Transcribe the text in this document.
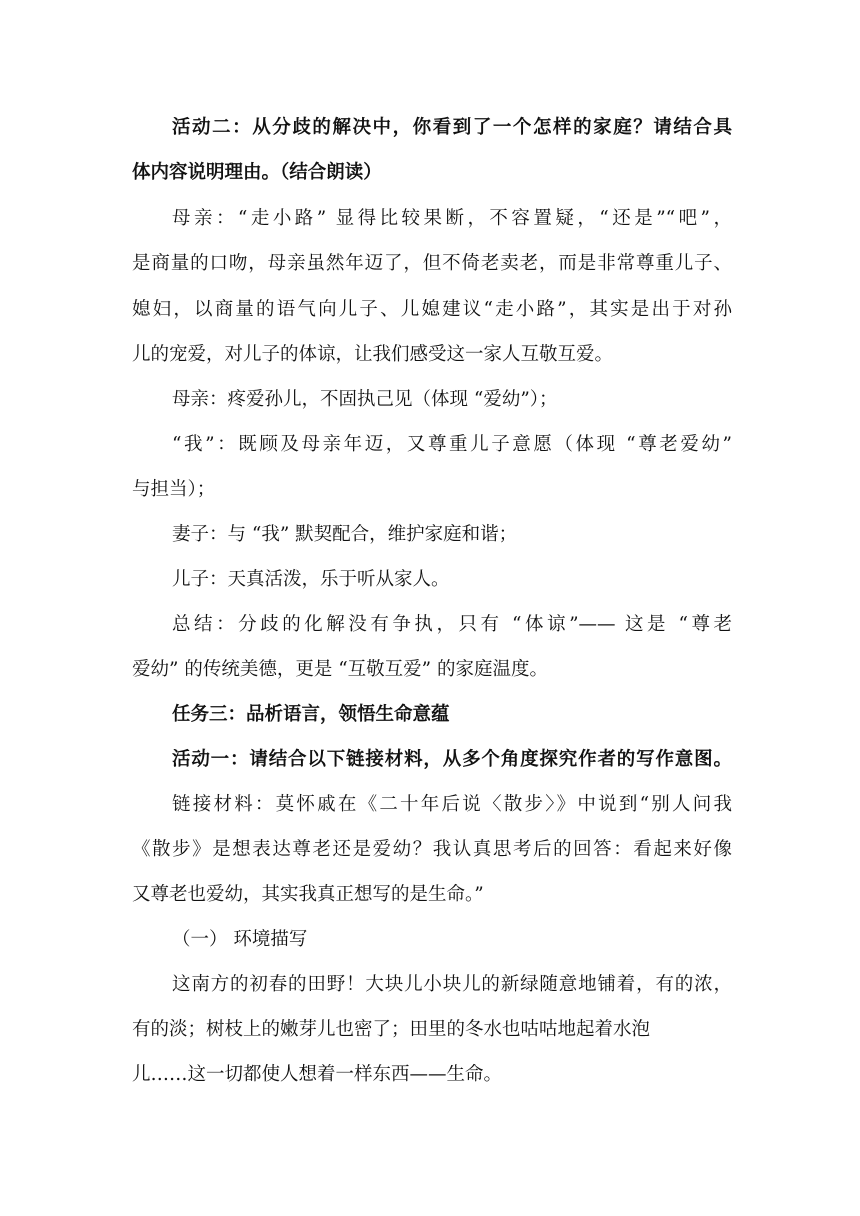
活动二：从分歧的解决中，你看到了一个怎样的家庭？请结合具
体内容说明理由。（结合朗读）
母亲：“走小路” 显得比较果断，不容置疑，“还是”“吧”，
是商量的口吻，母亲虽然年迈了，但不倚老卖老，而是非常尊重儿子、
媳妇，以商量的语气向儿子、儿媳建议“走小路”，其实是出于对孙
儿的宠爱，对儿子的体谅，让我们感受这一家人互敬互爱。
母亲：疼爱孙儿，不固执己见（体现 “爱幼”）；
“我”：既顾及母亲年迈，又尊重儿子意愿（体现 “尊老爱幼”
与担当）；
妻子：与 “我” 默契配合，维护家庭和谐；
儿子：天真活泼，乐于听从家人。
总结：分歧的化解没有争执，只有 “体谅”—— 这是 “尊老
爱幼” 的传统美德，更是 “互敬互爱” 的家庭温度。
任务三：品析语言，领悟生命意蕴
活动一：请结合以下链接材料，从多个角度探究作者的写作意图。
链接材料：莫怀戚在《二十年后说〈散步〉》中说到“别人问我
《散步》是想表达尊老还是爱幼？我认真思考后的回答：看起来好像
又尊老也爱幼，其实我真正想写的是生命。”
（一） 环境描写
这南方的初春的田野！大块儿小块儿的新绿随意地铺着，有的浓，
有的淡；树枝上的嫩芽儿也密了；田里的冬水也咕咕地起着水泡
儿……这一切都使人想着一样东西——生命。
